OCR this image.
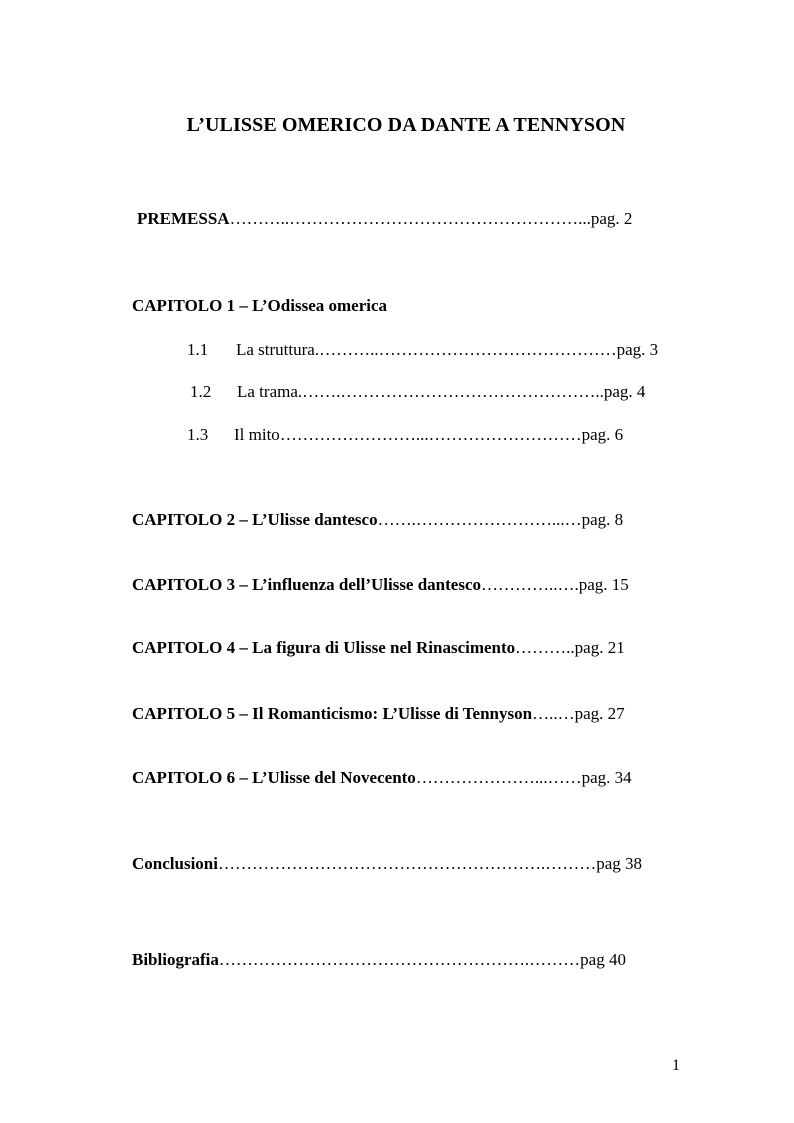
L’ULISSE OMERICO DA DANTE A TENNYSON
PREMESSA………..……………………………………………...pag. 2
CAPITOLO 1 – L’Odissea omerica
1.1 La struttura.………..……………………………………pag. 3
1.2 La trama.…….………………………………………..pag. 4
1.3 Il mito……………………...………………………pag. 6
CAPITOLO 2 – L’Ulisse dantesco…….……………………...…pag. 8
CAPITOLO 3 – L’influenza dell’Ulisse dantesco…………..….pag. 15
CAPITOLO 4 – La figura di Ulisse nel Rinascimento………..pag. 21
CAPITOLO 5 – Il Romanticismo: L’Ulisse di Tennyson…..…pag. 27
CAPITOLO 6 – L’Ulisse del Novecento…………………...……pag. 34
Conclusioni………………………………………………….………pag 38
Bibliografia……………………………………………….………pag 40
1
